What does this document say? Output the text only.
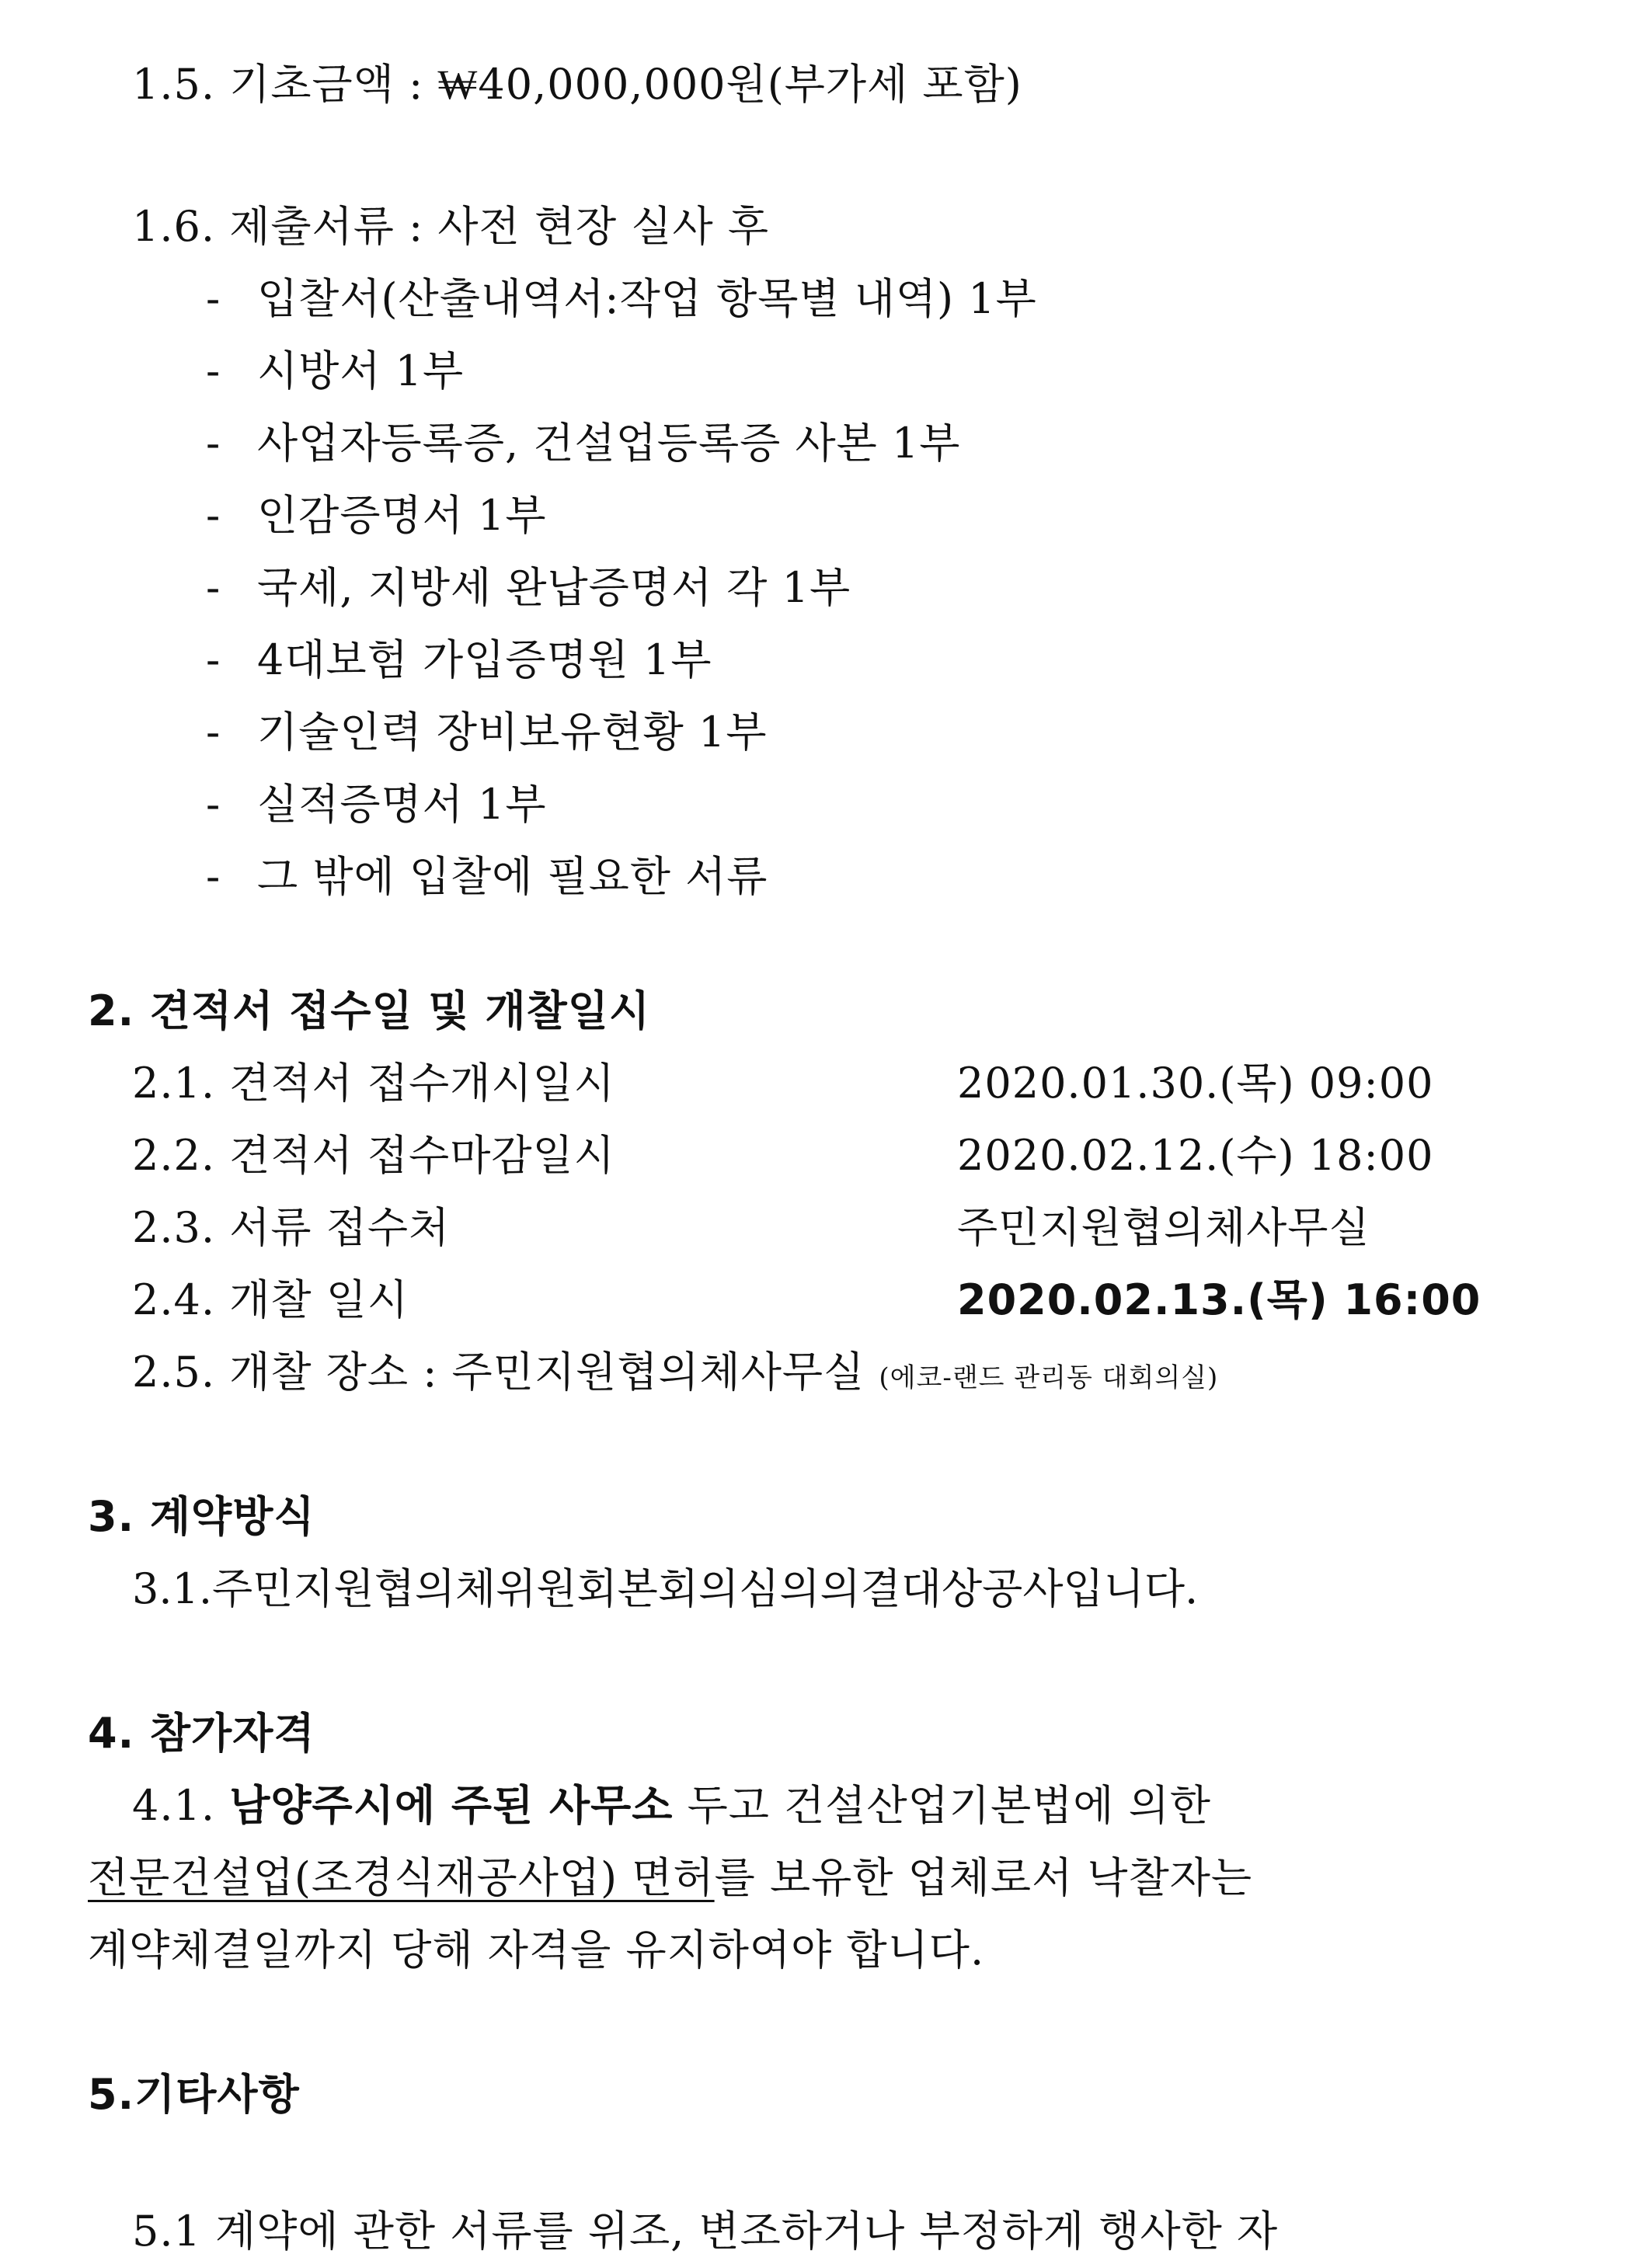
1.5. 기초금액 : ₩40,000,000원(부가세 포함)
1.6. 제출서류 : 사전 현장 실사 후
- 입찰서(산출내역서:작업 항목별 내역) 1부
- 시방서 1부
- 사업자등록증, 건설업등록증 사본 1부
- 인감증명서 1부
- 국세, 지방세 완납증명서 각 1부
- 4대보험 가입증명원 1부
- 기술인력 장비보유현황 1부
- 실적증명서 1부
- 그 밖에 입찰에 필요한 서류
2. 견적서 접수일 및 개찰일시
2.1. 견적서 접수개시일시	2020.01.30.(목) 09:00
2.2. 견적서 접수마감일시	2020.02.12.(수) 18:00
2.3. 서류 접수처	주민지원협의체사무실
2.4. 개찰 일시	2020.02.13.(목) 16:00
2.5. 개찰 장소 : 주민지원협의체사무실 (에코-랜드 관리동 대회의실)
3. 계약방식
3.1.주민지원협의체위원회본회의심의의결대상공사입니다.
4. 참가자격
4.1. 남양주시에 주된 사무소 두고 건설산업기본법에 의한
전문건설업(조경식재공사업) 면허를 보유한 업체로서 낙찰자는
계약체결일까지 당해 자격을 유지하여야 합니다.
5.기타사항
5.1 계약에 관한 서류를 위조, 변조하거나 부정하게 행사한 자
